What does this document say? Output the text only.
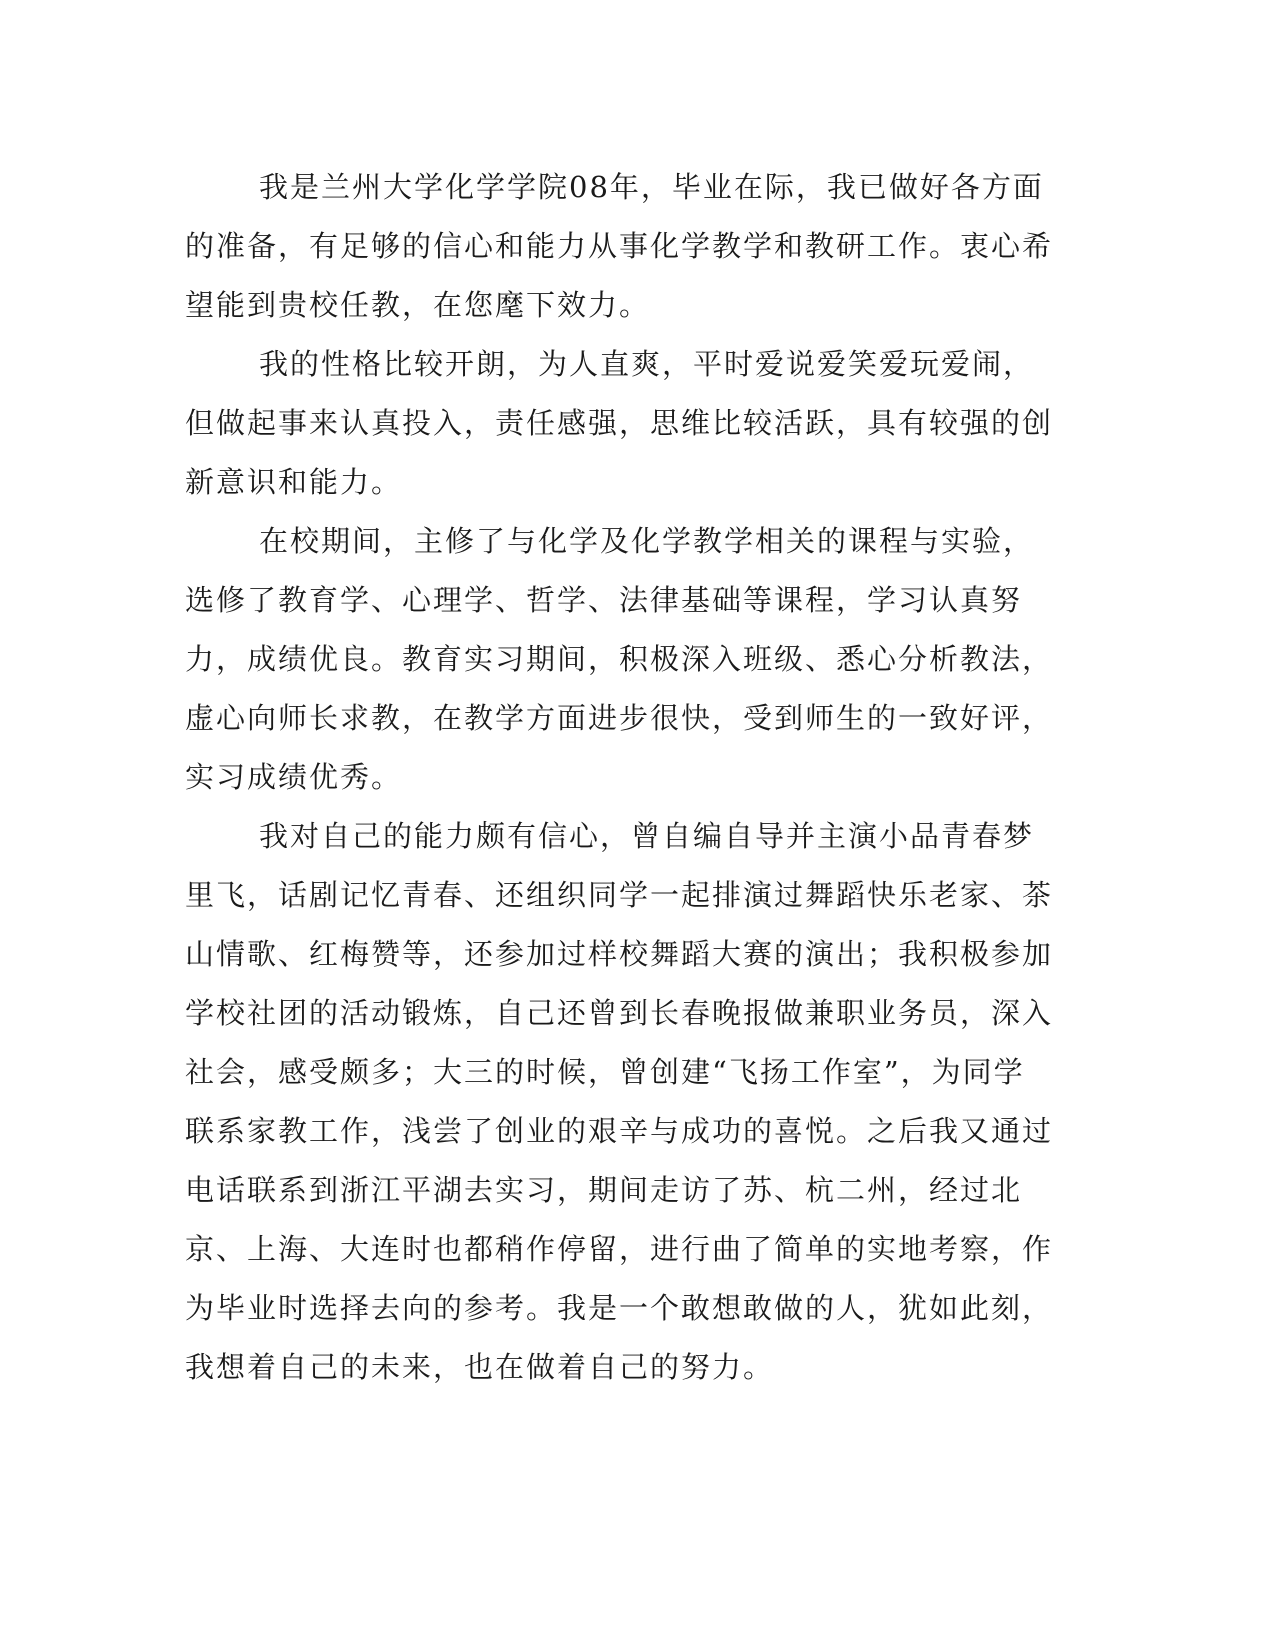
我是兰州大学化学学院08年，毕业在际，我已做好各方面的准备，有足够的信心和能力从事化学教学和教研工作。衷心希望能到贵校任教，在您麾下效力。

我的性格比较开朗，为人直爽，平时爱说爱笑爱玩爱闹，但做起事来认真投入，责任感强，思维比较活跃，具有较强的创新意识和能力。

在校期间，主修了与化学及化学教学相关的课程与实验，选修了教育学、心理学、哲学、法律基础等课程，学习认真努力，成绩优良。教育实习期间，积极深入班级、悉心分析教法，虚心向师长求教，在教学方面进步很快，受到师生的一致好评，实习成绩优秀。

我对自己的能力颇有信心，曾自编自导并主演小品青春梦里飞，话剧记忆青春、还组织同学一起排演过舞蹈快乐老家、茶山情歌、红梅赞等，还参加过样校舞蹈大赛的演出；我积极参加学校社团的活动锻炼，自己还曾到长春晚报做兼职业务员，深入社会，感受颇多；大三的时候，曾创建“飞扬工作室”，为同学联系家教工作，浅尝了创业的艰辛与成功的喜悦。之后我又通过电话联系到浙江平湖去实习，期间走访了苏、杭二州，经过北京、上海、大连时也都稍作停留，进行曲了简单的实地考察，作为毕业时选择去向的参考。我是一个敢想敢做的人，犹如此刻，我想着自己的未来，也在做着自己的努力。
